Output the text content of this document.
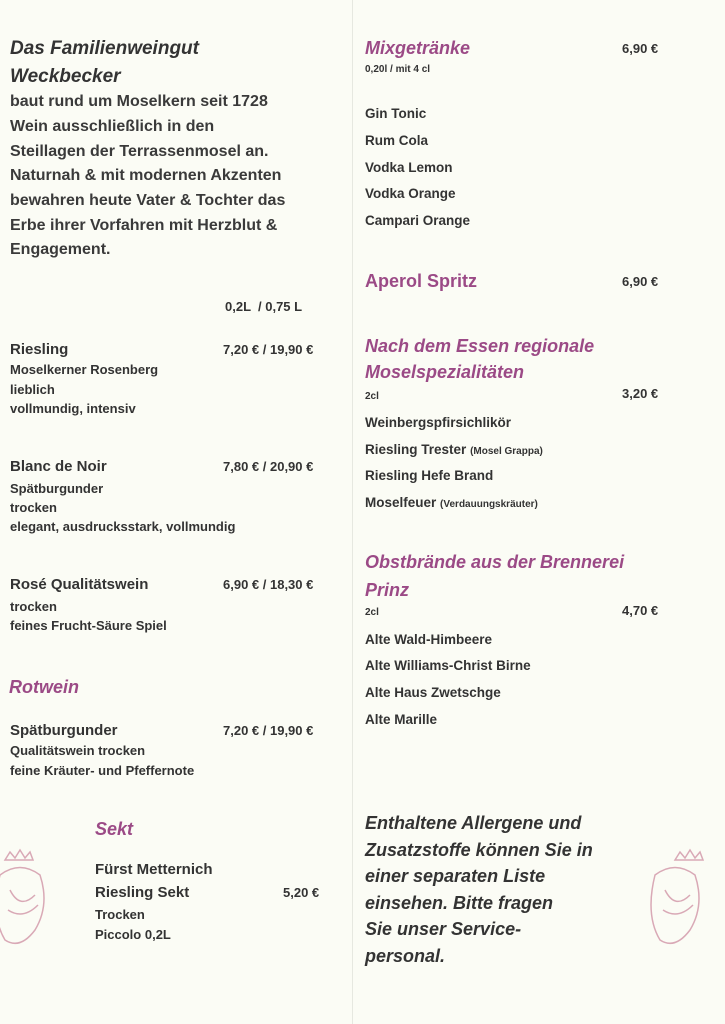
Das Familienweingut
Weckbecker
baut rund um Moselkern seit 1728
Wein ausschließlich in den
Steillagen der Terrassenmosel an.
Naturnah & mit modernen Akzenten
bewahren heute Vater & Tochter das
Erbe ihrer Vorfahren mit Herzblut &
Engagement.
0,2L  / 0,75 L
Riesling	7,20 € / 19,90 €
Moselkerner Rosenberg
lieblich
vollmundig, intensiv
Blanc de Noir	7,80 € / 20,90 €
Spätburgunder
trocken
elegant, ausdrucksstark, vollmundig
Rosé Qualitätswein	6,90 € / 18,30 €
trocken
feines Frucht-Säure Spiel
Rotwein
Spätburgunder	7,20 € / 19,90 €
Qualitätswein trocken
feine Kräuter- und Pfeffernote
Sekt
Fürst Metternich
Riesling Sekt	5,20 €
Trocken
Piccolo 0,2L
Mixgetränke	6,90 €
0,20l / mit 4 cl
Gin Tonic
Rum Cola
Vodka Lemon
Vodka Orange
Campari Orange
Aperol Spritz	6,90 €
Nach dem Essen regionale
Moselspezialitäten
2cl	3,20 €
Weinbergspfirsichlikör
Riesling Trester (Mosel Grappa)
Riesling Hefe Brand
Moselfeuer (Verdauungskräuter)
Obstbrände aus der Brennerei
Prinz
2cl	4,70 €
Alte Wald-Himbeere
Alte Williams-Christ Birne
Alte Haus Zwetschge
Alte Marille
Enthaltene Allergene und
Zusatzstoffe können Sie in
einer separaten Liste
einsehen. Bitte fragen
Sie unser Service-
personal.
